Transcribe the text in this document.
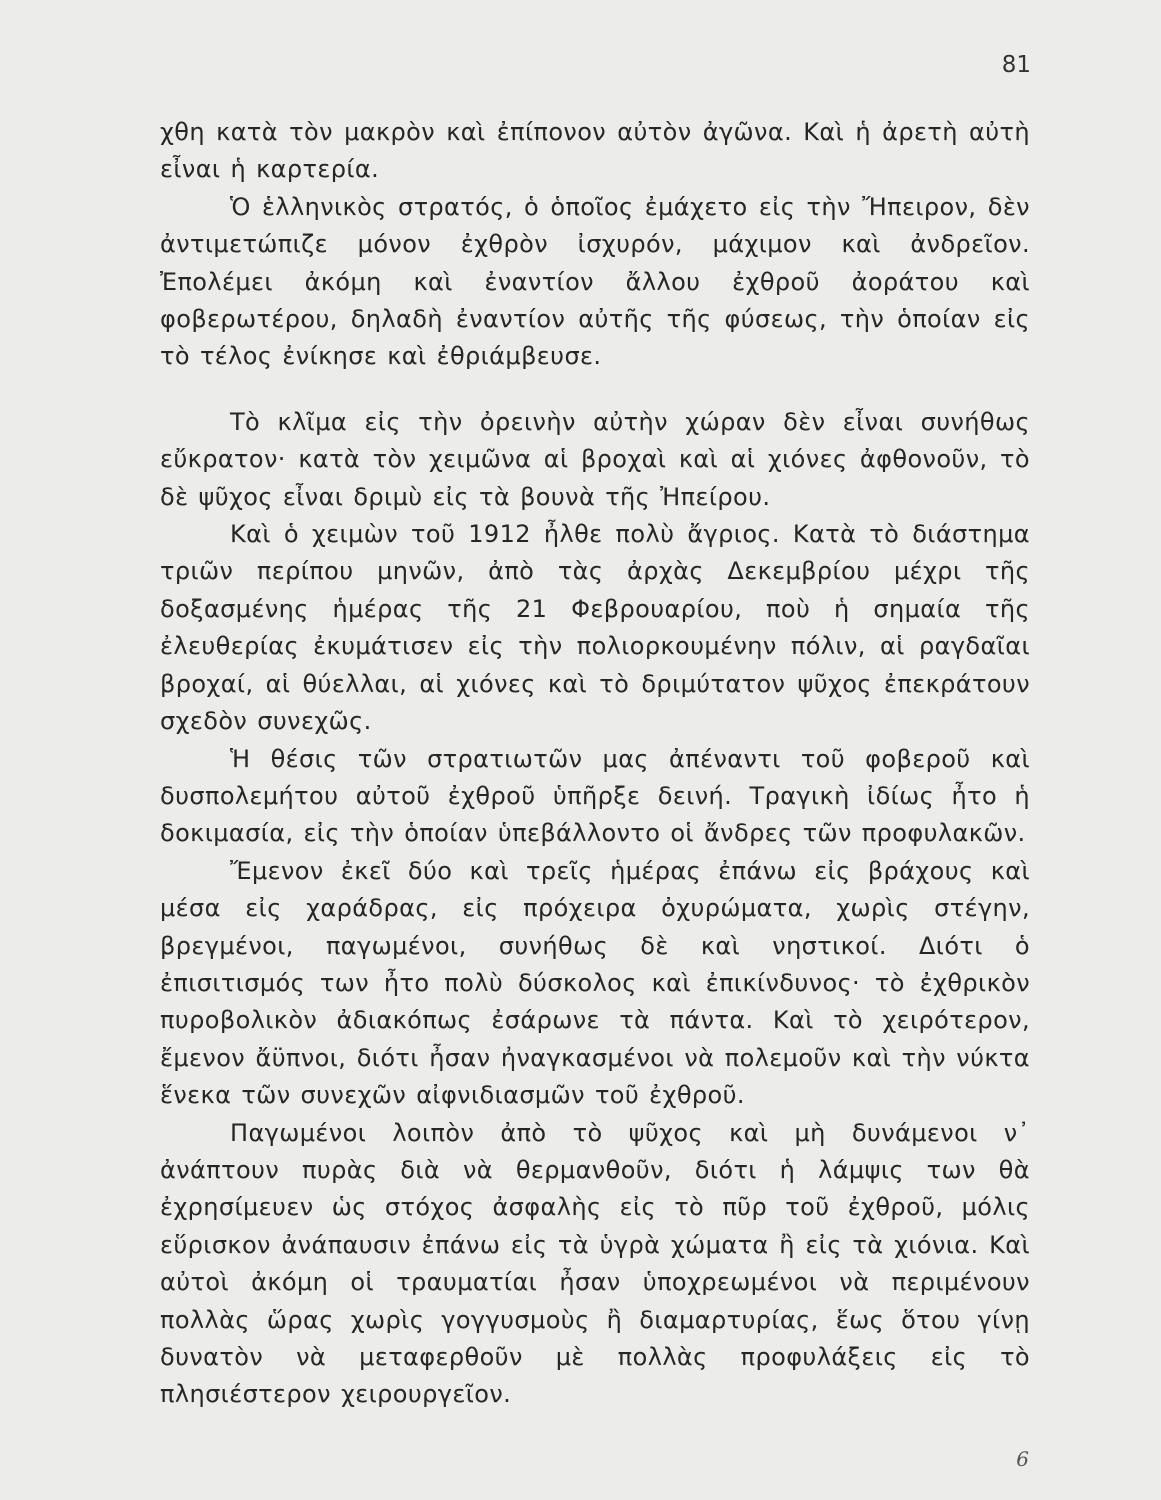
81

χθη κατὰ τὸν μακρὸν καὶ ἐπίπονον αὐτὸν ἀγῶνα. Καὶ ἡ ἀρετὴ αὐτὴ εἶναι ἡ καρτερία.

Ὁ ἑλληνικὸς στρατός, ὁ ὁποῖος ἐμάχετο εἰς τὴν Ἤπειρον, δὲν ἀντιμετώπιζε μόνον ἐχθρὸν ἰσχυρόν, μάχιμον καὶ ἀνδρεῖον. Ἐπολέμει ἀκόμη καὶ ἐναντίον ἄλλου ἐχθροῦ ἀοράτου καὶ φοβερωτέρου, δηλαδὴ ἐναντίον αὐτῆς τῆς φύσεως, τὴν ὁποίαν εἰς τὸ τέλος ἐνίκησε καὶ ἐθριάμβευσε.

Τὸ κλῖμα εἰς τὴν ὀρεινὴν αὐτὴν χώραν δὲν εἶναι συνήθως εὔκρατον· κατὰ τὸν χειμῶνα αἱ βροχαὶ καὶ αἱ χιόνες ἀφθονοῦν, τὸ δὲ ψῦχος εἶναι δριμὺ εἰς τὰ βουνὰ τῆς Ἠπείρου.

Καὶ ὁ χειμὼν τοῦ 1912 ἦλθε πολὺ ἄγριος. Κατὰ τὸ διάστημα τριῶν περίπου μηνῶν, ἀπὸ τὰς ἀρχὰς Δεκεμβρίου μέχρι τῆς δοξασμένης ἡμέρας τῆς 21 Φεβρουαρίου, ποὺ ἡ σημαία τῆς ἐλευθερίας ἐκυμάτισεν εἰς τὴν πολιορκουμένην πόλιν, αἱ ραγδαῖαι βροχαί, αἱ θύελλαι, αἱ χιόνες καὶ τὸ δριμύτατον ψῦχος ἐπεκράτουν σχεδὸν συνεχῶς.

Ἡ θέσις τῶν στρατιωτῶν μας ἀπέναντι τοῦ φοβεροῦ καὶ δυσπολεμήτου αὐτοῦ ἐχθροῦ ὑπῆρξε δεινή. Τραγικὴ ἰδίως ἦτο ἡ δοκιμασία, εἰς τὴν ὁποίαν ὑπεβάλλοντο οἱ ἄνδρες τῶν προφυλακῶν.

Ἔμενον ἐκεῖ δύο καὶ τρεῖς ἡμέρας ἐπάνω εἰς βράχους καὶ μέσα εἰς χαράδρας, εἰς πρόχειρα ὀχυρώματα, χωρὶς στέγην, βρεγμένοι, παγωμένοι, συνήθως δὲ καὶ νηστικοί. Διότι ὁ ἐπισιτισμός των ἦτο πολὺ δύσκολος καὶ ἐπικίνδυνος· τὸ ἐχθρικὸν πυροβολικὸν ἀδιακόπως ἐσάρωνε τὰ πάντα. Καὶ τὸ χειρότερον, ἔμενον ἄϋπνοι, διότι ἦσαν ἠναγκασμένοι νὰ πολεμοῦν καὶ τὴν νύκτα ἕνεκα τῶν συνεχῶν αἰφνιδιασμῶν τοῦ ἐχθροῦ.

Παγωμένοι λοιπὸν ἀπὸ τὸ ψῦχος καὶ μὴ δυνάμενοι ν᾽ ἀνάπτουν πυρὰς διὰ νὰ θερμανθοῦν, διότι ἡ λάμψις των θὰ ἐχρησίμευεν ὡς στόχος ἀσφαλὴς εἰς τὸ πῦρ τοῦ ἐχθροῦ, μόλις εὕρισκον ἀνάπαυσιν ἐπάνω εἰς τὰ ὑγρὰ χώματα ἢ εἰς τὰ χιόνια. Καὶ αὐτοὶ ἀκόμη οἱ τραυματίαι ἦσαν ὑποχρεωμένοι νὰ περιμένουν πολλὰς ὥρας χωρὶς γογγυσμοὺς ἢ διαμαρτυρίας, ἕως ὅτου γίνῃ δυνατὸν νὰ μεταφερθοῦν μὲ πολλὰς προφυλάξεις εἰς τὸ πλησιέστερον χειρουργεῖον.

6
